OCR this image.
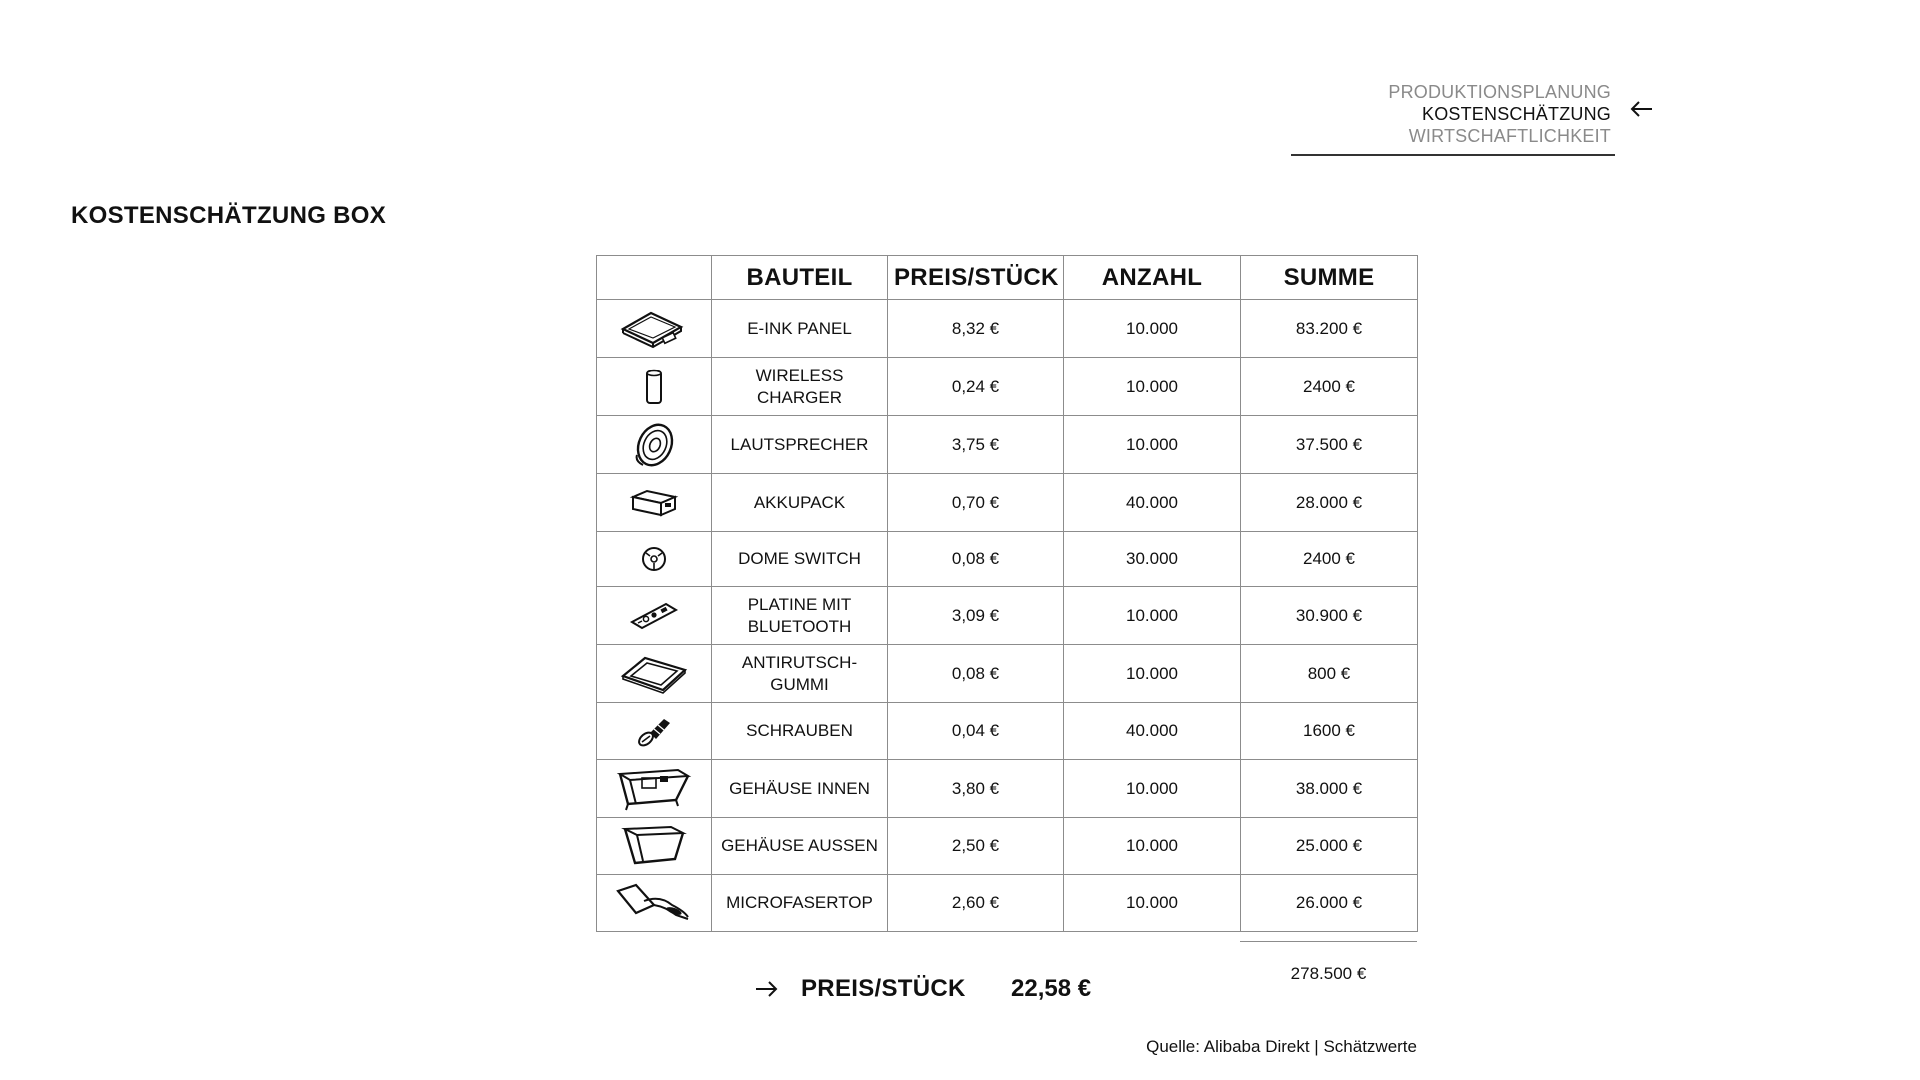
PRODUKTIONSPLANUNG
KOSTENSCHÄTZUNG
WIRTSCHAFTLICHKEIT
KOSTENSCHÄTZUNG BOX
	BAUTEIL	PREIS/STÜCK	ANZAHL	SUMME

	E-INK PANEL	8,32 €	10.000	83.200 €

	WIRELESS CHARGER	0,24 €	10.000	2400 €

	LAUTSPRECHER	3,75 €	10.000	37.500 €

	AKKUPACK	0,70 €	40.000	28.000 €

	DOME SWITCH	0,08 €	30.000	2400 €

	PLATINE MIT BLUETOOTH	3,09 €	10.000	30.900 €

	ANTIRUTSCH-GUMMI	0,08 €	10.000	800 €

	SCHRAUBEN	0,04 €	40.000	1600 €

	GEHÄUSE INNEN	3,80 €	10.000	38.000 €

	GEHÄUSE AUSSEN	2,50 €	10.000	25.000 €

	MICROFASERTOP	2,60 €	10.000	26.000 €
278.500 €
PREIS/STÜCK 22,58 €
Quelle: Alibaba Direkt | Schätzwerte
